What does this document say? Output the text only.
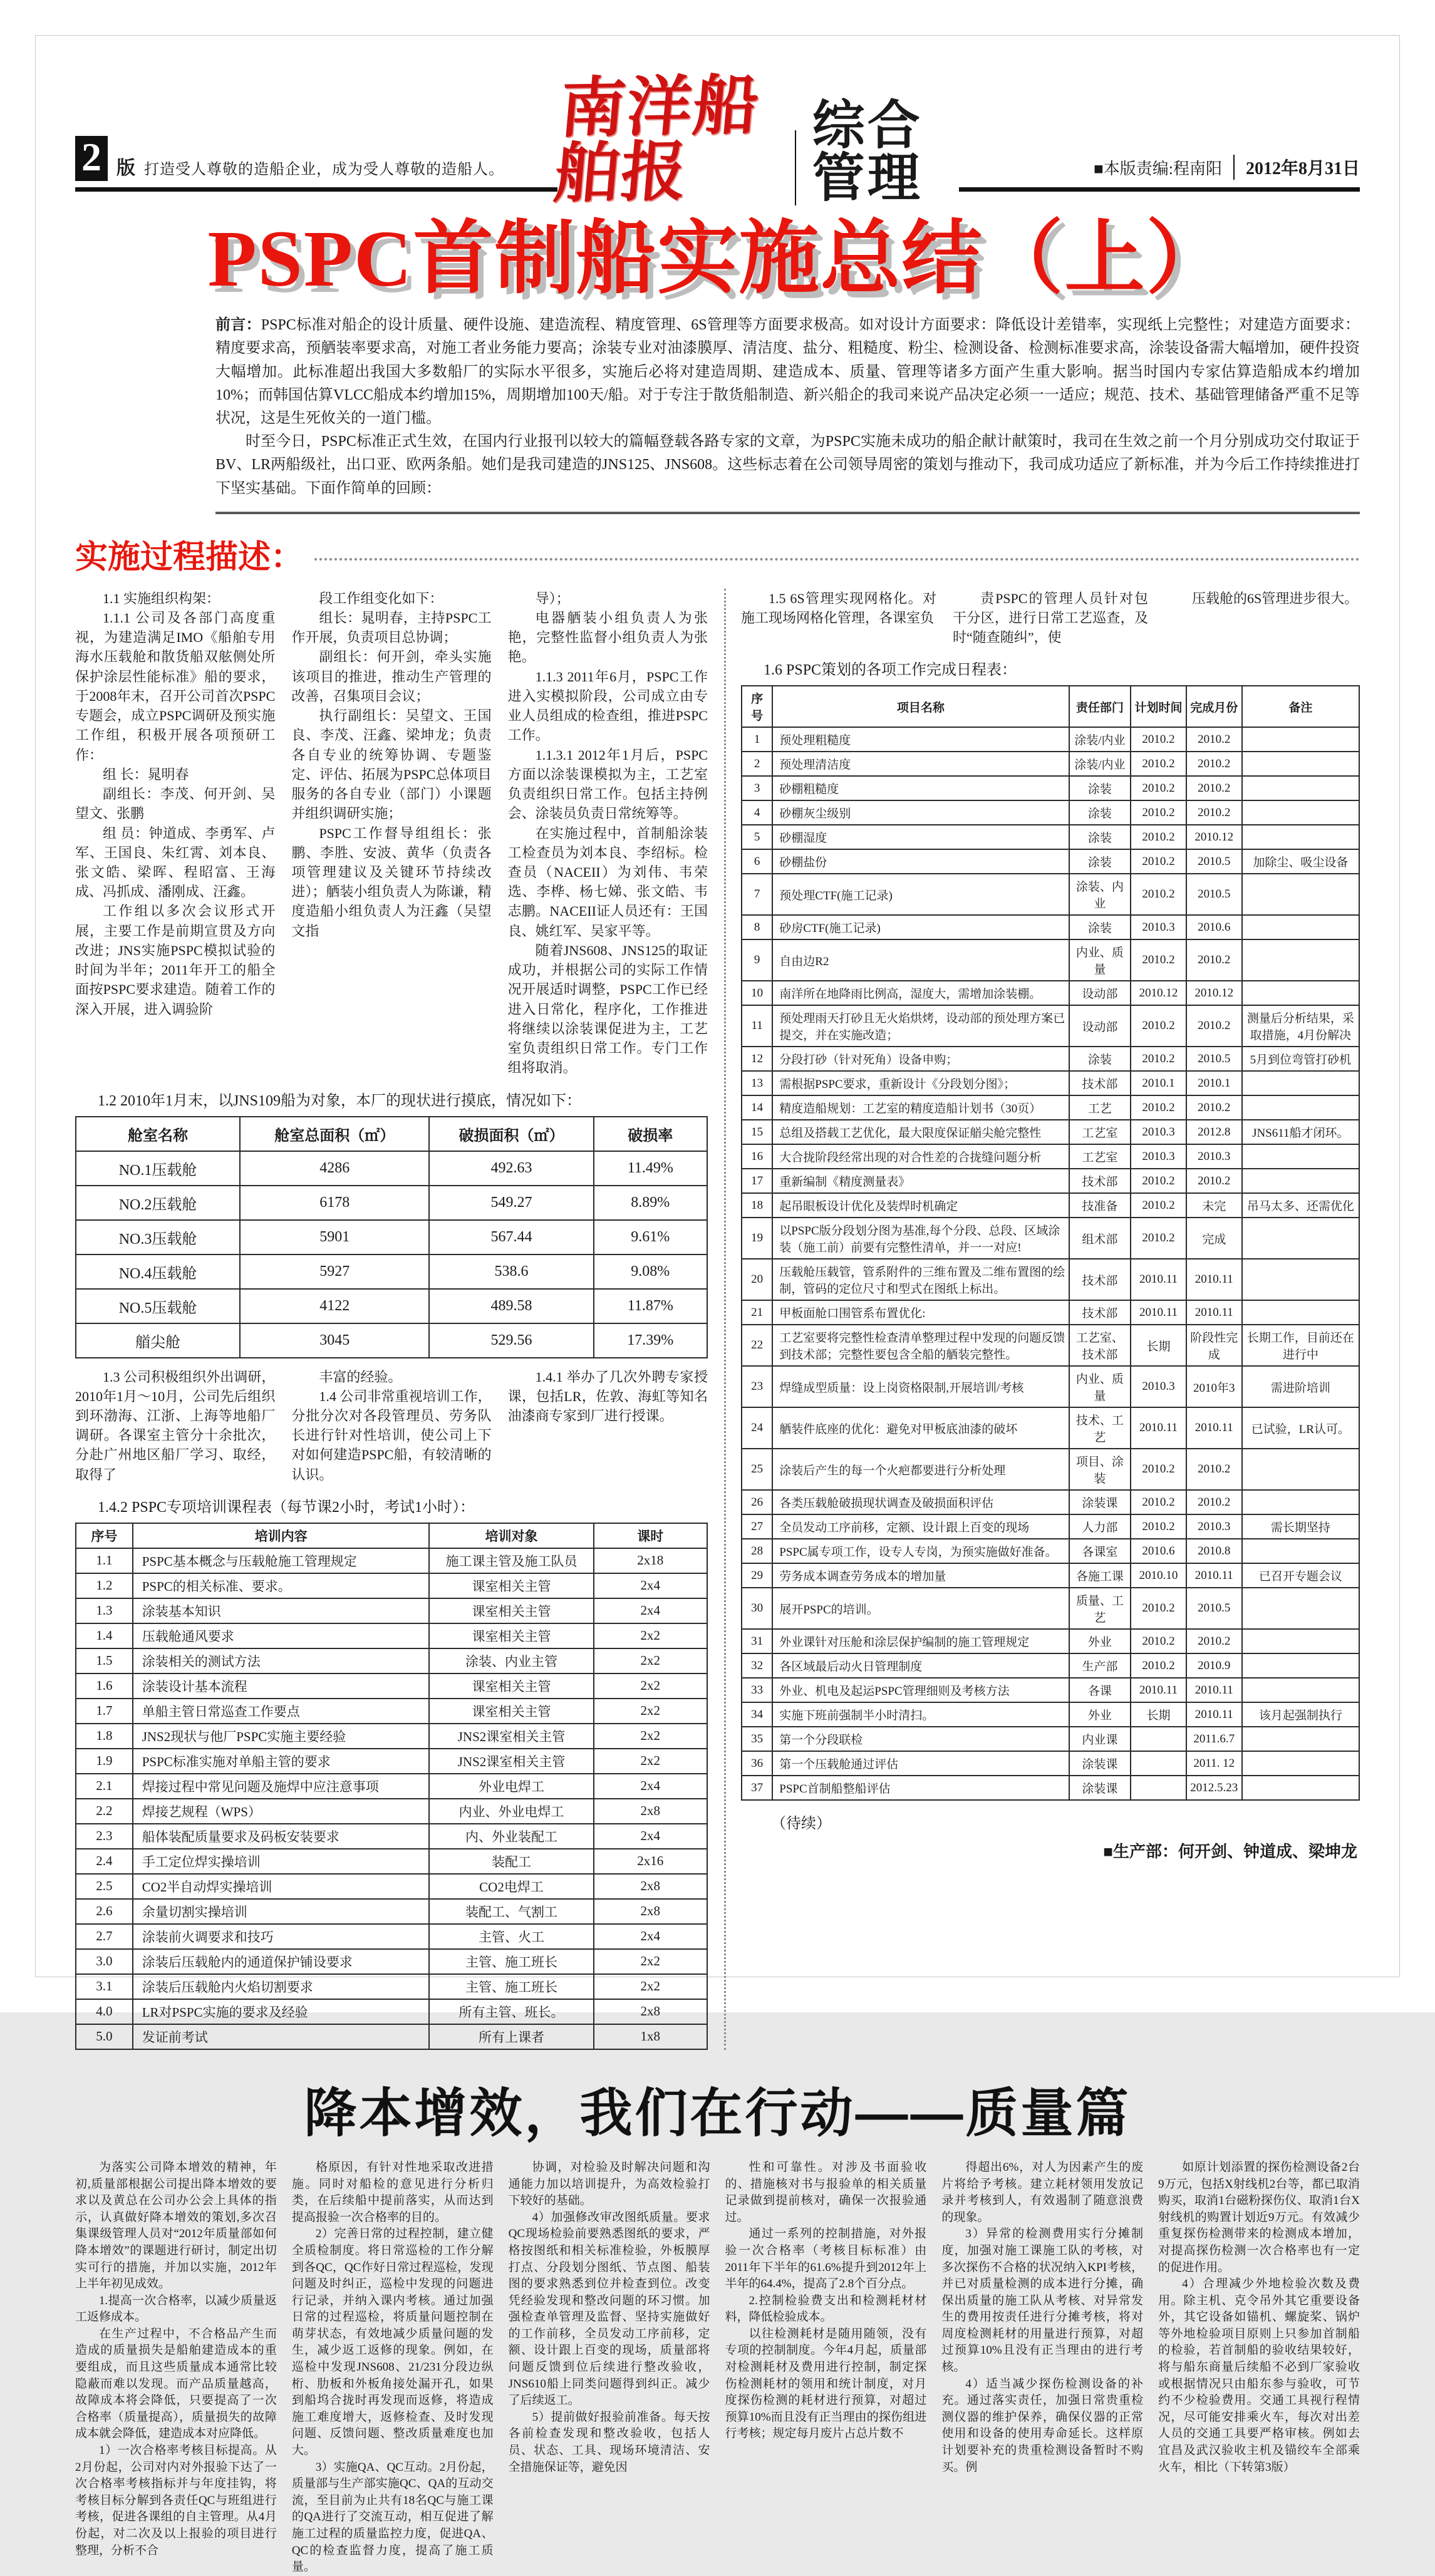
2 版 打造受人尊敬的造船企业，成为受人尊敬的造船人。
南洋船舶报
综合管理	■本版责编:程南阳 2012年8月31日
PSPC首制船实施总结（上）

前言：PSPC标准对船企的设计质量、硬件设施、建造流程、精度管理、6S管理等方面要求极高。如对设计方面要求：降低设计差错率，实现纸上完整性；对建造方面要求：精度要求高，预舾装率要求高，对施工者业务能力要高；涂装专业对油漆膜厚、清洁度、盐分、粗糙度、粉尘、检测设备、检测标准要求高，涂装设备需大幅增加，硬件投资大幅增加。此标准超出我国大多数船厂的实际水平很多，实施后必将对建造周期、建造成本、质量、管理等诸多方面产生重大影响。据当时国内专家估算造船成本约增加10%；而韩国估算VLCC船成本约增加15%，周期增加100天/船。对于专注于散货船制造、新兴船企的我司来说产品决定必须一一适应；规范、技术、基础管理储备严重不足等状况，这是生死攸关的一道门槛。

时至今日，PSPC标准正式生效，在国内行业报刊以较大的篇幅登载各路专家的文章，为PSPC实施未成功的船企献计献策时，我司在生效之前一个月分别成功交付取证于BV、LR两船级社，出口亚、欧两条船。她们是我司建造的JNS125、JNS608。这些标志着在公司领导周密的策划与推动下，我司成功适应了新标准，并为今后工作持续推进打下坚实基础。下面作简单的回顾：

实施过程描述：

1.1 实施组织构架：

1.1.1 公司及各部门高度重视，为建造满足IMO《船舶专用海水压载舱和散货船双舷侧处所保护涂层性能标准》船的要求，于2008年末，召开公司首次PSPC专题会，成立PSPC调研及预实施工作组，积极开展各项预研工作：

组 长：晁明春

副组长：李茂、何开剑、吴望文、张鹏

组 员：钟道成、李勇军、卢 军、王国良、朱红霄、刘本良、张文皓、梁晖、程昭富、王海成、冯抓成、潘刚成、汪鑫。

工作组以多次会议形式开展，主要工作是前期宣贯及方向改进；JNS实施PSPC模拟试验的时间为半年；2011年开工的船全面按PSPC要求建造。随着工作的深入开展，进入调验阶

段工作组变化如下：

组长：晁明春，主持PSPC工作开展，负责项目总协调；

副组长：何开剑，牵头实施该项目的推进，推动生产管理的改善，召集项目会议；

执行副组长：吴望文、王国良、李茂、汪鑫、梁坤龙；负责各自专业的统筹协调、专题鉴定、评估、拓展为PSPC总体项目服务的各自专业（部门）小课题并组织调研实施；

PSPC工作督导组组长：张鹏、李胜、安波、黄华（负责各项管理建议及关键环节持续改进）；舾装小组负责人为陈谦，精度造船小组负责人为汪鑫（吴望文指

导）；

电器舾装小组负责人为张艳，完整性监督小组负责人为张艳。

1.1.3 2011年6月，PSPC工作进入实模拟阶段，公司成立由专业人员组成的检查组，推进PSPC工作。

1.1.3.1 2012年1月后，PSPC方面以涂装课模拟为主，工艺室负责组织日常工作。包括主持例会、涂装员负责日常统筹等。

在实施过程中，首制船涂装工检查员为刘本良、李绍标。检查员（NACEII）为刘伟、韦荣选、李桦、杨七娣、张文皓、韦志鹏。NACEII证人员还有：王国良、姚红军、吴家平等。

随着JNS608、JNS125的取证成功，并根据公司的实际工作情况开展适时调整，PSPC工作已经进入日常化，程序化，工作推进将继续以涂装课促进为主，工艺室负责组织日常工作。专门工作组将取消。

1.2 2010年1月末，以JNS109船为对象，本厂的现状进行摸底，情况如下：

舱室名称	舱室总面积（㎡）	破损面积（㎡）	破损率
NO.1压载舱	4286	492.63	11.49%
NO.2压载舱	6178	549.27	8.89%
NO.3压载舱	5901	567.44	9.61%
NO.4压载舱	5927	538.6	9.08%
NO.5压载舱	4122	489.58	11.87%
艏尖舱	3045	529.56	17.39%

1.3 公司积极组织外出调研，2010年1月～10月，公司先后组织到环渤海、江浙、上海等地船厂调研。各课室主管分十余批次，分赴广州地区船厂学习、取经，取得了

丰富的经验。

1.4 公司非常重视培训工作，分批分次对各段管理员、劳务队长进行针对性培训，使公司上下对如何建造PSPC船，有较清晰的认识。

1.4.1 举办了几次外聘专家授课，包括LR，佐敦、海虹等知名油漆商专家到厂进行授课。

1.4.2 PSPC专项培训课程表（每节课2小时，考试1小时）：

序号	培训内容	培训对象	课时
1.1	PSPC基本概念与压载舱施工管理规定	施工课主管及施工队员	2x18
1.2	PSPC的相关标准、要求。	课室相关主管	2x4
1.3	涂装基本知识	课室相关主管	2x4
1.4	压载舱通风要求	课室相关主管	2x2
1.5	涂装相关的测试方法	涂装、内业主管	2x2
1.6	涂装设计基本流程	课室相关主管	2x2
1.7	单船主管日常巡查工作要点	课室相关主管	2x2
1.8	JNS2现状与他厂PSPC实施主要经验	JNS2课室相关主管	2x2
1.9	PSPC标准实施对单船主管的要求	JNS2课室相关主管	2x2
2.1	焊接过程中常见问题及施焊中应注意事项	外业电焊工	2x4
2.2	焊接艺规程（WPS）	内业、外业电焊工	2x8
2.3	船体装配质量要求及码板安装要求	内、外业装配工	2x4
2.4	手工定位焊实操培训	装配工	2x16
2.5	CO2半自动焊实操培训	CO2电焊工	2x8
2.6	余量切割实操培训	装配工、气割工	2x8
2.7	涂装前火调要求和技巧	主管、火工	2x4
3.0	涂装后压载舱内的通道保护铺设要求	主管、施工班长	2x2
3.1	涂装后压载舱内火焰切割要求	主管、施工班长	2x2
4.0	LR对PSPC实施的要求及经验	所有主管、班长。	2x8
5.0	发证前考试	所有上课者	1x8

1.5 6S管理实现网格化。对施工现场网格化管理，各课室负

责PSPC的管理人员针对包干分区，进行日常工艺巡查，及时“随查随纠”，使

压载舱的6S管理进步很大。

1.6 PSPC策划的各项工作完成日程表：

序号	项目名称	责任部门	计划时间	完成月份	备注
1	预处理粗糙度	涂装/内业	2010.2	2010.2	
2	预处理清洁度	涂装/内业	2010.2	2010.2	
3	砂棚粗糙度	涂装	2010.2	2010.2	
4	砂棚灰尘级别	涂装	2010.2	2010.2	
5	砂棚湿度	涂装	2010.2	2010.12	
6	砂棚盐份	涂装	2010.2	2010.5	加除尘、吸尘设备
7	预处理CTF(施工记录)	涂装、内业	2010.2	2010.5	
8	砂房CTF(施工记录)	涂装	2010.3	2010.6	
9	自由边R2	内业、质量	2010.2	2010.2	
10	南洋所在地降雨比例高，湿度大，需增加涂装棚。	设动部	2010.12	2010.12	
11	预处理雨天打砂且无火焰烘烤，设动部的预处理方案已提交，并在实施改造；	设动部	2010.2	2010.2	测量后分析结果，采取措施，4月份解决
12	分段打砂（针对死角）设备申购；	涂装	2010.2	2010.5	5月到位弯管打砂机
13	需根据PSPC要求，重新设计《分段划分图》；	技术部	2010.1	2010.1	
14	精度造船规划：工艺室的精度造船计划书（30页）	工艺	2010.2	2010.2	
15	总组及搭载工艺优化，最大限度保证艏尖舱完整性	工艺室	2010.3	2012.8	JNS611船才闭环。
16	大合拢阶段经常出现的对合性差的合拢缝问题分析	工艺室	2010.3	2010.3	
17	重新编制《精度测量表》	技术部	2010.2	2010.2	
18	起吊眼板设计优化及装焊时机确定	技准备	2010.2	未完	吊马太多、还需优化
19	以PSPC版分段划分图为基准,每个分段、总段、区域涂装（施工前）前要有完整性清单，并一一对应!	组术部	2010.2	完成	
20	压载舱压载管，管系附件的三维布置及二维布置图的绘制，管码的定位尺寸和型式在图纸上标出。	技术部	2010.11	2010.11	
21	甲板面舱口围管系布置优化:	技术部	2010.11	2010.11	
22	工艺室要将完整性检查清单整理过程中发现的问题反馈到技术部；完整性要包含全船的舾装完整性。	工艺室、技术部	长期	阶段性完成	长期工作，目前还在进行中
23	焊缝成型质量：设上岗资格限制,开展培训/考核	内业、质量	2010.3	2010年3	需进阶培训
24	舾装件底座的优化：避免对甲板底油漆的破坏	技术、工艺	2010.11	2010.11	已试验，LR认可。
25	涂装后产生的每一个火疤都要进行分析处理	项目、涂装	2010.2	2010.2	
26	各类压载舱破损现状调查及破损面积评估	涂装课	2010.2	2010.2	
27	全员发动工序前移，定额、设计跟上百变的现场	人力部	2010.2	2010.3	需长期坚持
28	PSPC属专项工作，设专人专岗，为预实施做好准备。	各课室	2010.6	2010.8	
29	劳务成本调查劳务成本的增加量	各施工课	2010.10	2010.11	已召开专题会议
30	展开PSPC的培训。	质量、工艺	2010.2	2010.5	
31	外业课针对压舱和涂层保护编制的施工管理规定	外业	2010.2	2010.2	
32	各区域最后动火日管理制度	生产部	2010.2	2010.9	
33	外业、机电及起运PSPC管理细则及考核方法	各课	2010.11	2010.11	
34	实施下班前强制半小时清扫。	外业	长期	2010.11	该月起强制执行
35	第一个分段联检	内业课		2011.6.7	
36	第一个压载舱通过评估	涂装课		2011. 12	
37	PSPC首制船整船评估	涂装课		2012.5.23	

（待续）

■生产部：何开剑、钟道成、梁坤龙

降本增效，我们在行动——质量篇

为落实公司降本增效的精神，年初,质量部根据公司提出降本增效的要求以及黄总在公司办公会上具体的指示，认真做好降本增效的策划,多次召集课级管理人员对“2012年质量部如何降本增效”的课题进行研讨，制定出切实可行的措施，并加以实施，2012年上半年初见成效。

1.提高一次合格率，以减少质量返工返修成本。

在生产过程中，不合格品产生而造成的质量损失是船舶建造成本的重要组成，而且这些质量成本通常比较隐蔽而难以发现。而产品质量越高，故障成本将会降低，只要提高了一次合格率（质量提高），质量损失的故障成本就会降低，建造成本对应降低。

1）一次合格率考核目标提高。从2月份起，公司对内对外报验下达了一次合格率考核指标并与年度挂钩，将考核目标分解到各责任QC与班组进行考核，促进各课组的自主管理。从4月份起，对二次及以上报验的项目进行整理，分析不合

格原因，有针对性地采取改进措施。同时对船检的意见进行分析归类，在后续船中提前落实，从而达到提高报验一次合格率的目的。

2）完善日常的过程控制，建立健全质检制度。将日常巡检的工作分解到各QC，QC作好日常过程巡检，发现问题及时纠正，巡检中发现的问题进行记录，并纳入课内考核。通过加强日常的过程巡检，将质量问题控制在萌芽状态，有效地减少质量问题的发生，减少返工返修的现象。例如，在巡检中发现JNS608、21/231分段边纵桁、肋板和外板角接处漏开孔，如果到船坞合拢时再发现而返修，将造成施工难度增大，返修检查、及时发现问题、反馈问题、整改质量难度也加大。

3）实施QA、QC互动。2月份起，质量部与生产部实施QC、QA的互动交流，至目前为止共有18名QC与施工课的QA进行了交流互动，相互促进了解施工过程的质量监控力度，促进QA、QC的检查监督力度，提高了施工质量。

协调，对检验及时解决问题和沟通能力加以培训提升，为高效检验打下较好的基础。

4）加强修改审改图纸质量。要求QC现场检验前要熟悉图纸的要求，严格按图纸和相关标准检验，外板膜厚打点、分段划分图纸、节点图、船装图的要求熟悉到位并检查到位。改变凭经验发现和整改问题的环习惯。加强检查单管理及监督、坚持实施做好的工作前移，全员发动工序前移，定额、设计跟上百变的现场，质量部将问题反馈到位后续进行整改验收，JNS610船上同类问题得到纠正。减少了后续返工。

5）提前做好报验前准备。每天按各前检查发现和整改验收，包括人员、状态、工具、现场环境清洁、安全措施保证等，避免因

性和可靠性。对涉及书面验收的、措施核对书与报验单的相关质量记录做到提前核对，确保一次报验通过。

通过一系列的控制措施，对外报验一次合格率（考核目标标准）由2011年下半年的61.6%提升到2012年上半年的64.4%，提高了2.8个百分点。

2.控制检验费支出和检测耗材材料，降低检验成本。

以往检测耗材是随用随领，没有专项的控制制度。今年4月起，质量部对检测耗材及费用进行控制，制定探伤检测耗材的领用和统计制度，对月度探伤检测的耗材进行预算，对超过预算10%而且没有正当理由的探伤组进行考核；规定每月废片占总片数不

得超出6%，对人为因素产生的废片将给予考核。建立耗材领用发放记录并考核到人，有效遏制了随意浪费的现象。

3）异常的检测费用实行分摊制度，加强对施工课施工队的考核，对多次探伤不合格的状况纳入KPI考核，并已对质量检测的成本进行分摊，确保出质量的施工队从考核、对异常发生的费用按责任进行分摊考核，将对周度检测耗材的用量进行预算，对超过预算10%且没有正当理由的进行考核。

4）适当减少探伤检测设备的补充。通过落实责任，加强日常贵重检测仪器的维护保养，确保仪器的正常使用和设备的使用寿命延长。这样原计划要补充的贵重检测设备暂时不购买。例

如原计划添置的探伤检测设备2台9万元，包括X射线机2台等，都已取消购买，取消1台磁粉探伤仪、取消1台X射线机的购置计划近9万元。有效减少重复探伤检测带来的检测成本增加，对提高探伤检测一次合格率也有一定的促进作用。

4）合理减少外地检验次数及费用。除主机、克令吊外其它重要设备外，其它设备如锚机、螺旋桨、锅炉等外地检验项目原则上只参加首制船的检验，若首制船的验收结果较好，将与船东商量后续船不必到厂家验收或根据情况只由船东参与验收，可节约不少检验费用。交通工具视行程情况，尽可能安排乘火车，每次对出差人员的交通工具要严格审核。例如去宜昌及武汉验收主机及锚绞车全部乘火车，相比（下转第3版）
